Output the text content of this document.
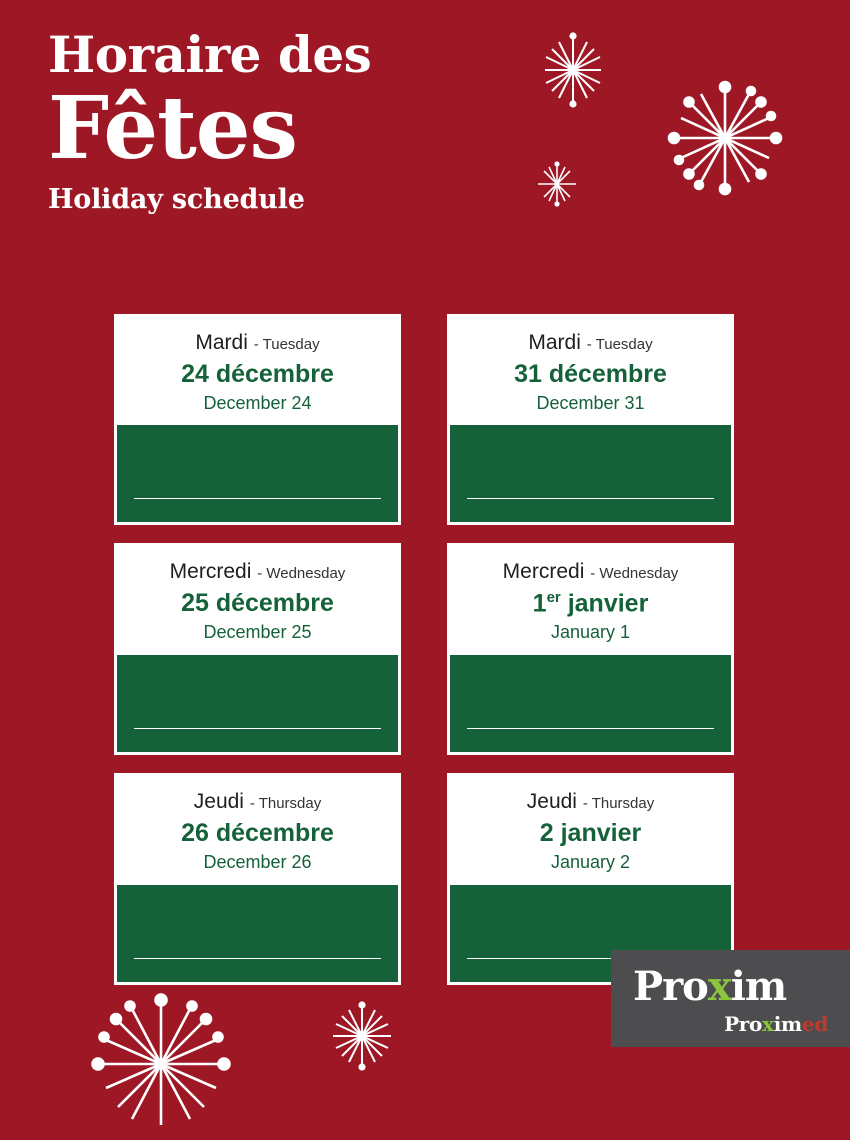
Horaire des
Fêtes
Holiday schedule
Mardi - Tuesday
24 décembre
December 24
Mardi - Tuesday
31 décembre
December 31
Mercredi - Wednesday
25 décembre
December 25
Mercredi - Wednesday
1er janvier
January 1
Jeudi - Thursday
26 décembre
December 26
Jeudi - Thursday
2 janvier
January 2
Proxim
Proximed
